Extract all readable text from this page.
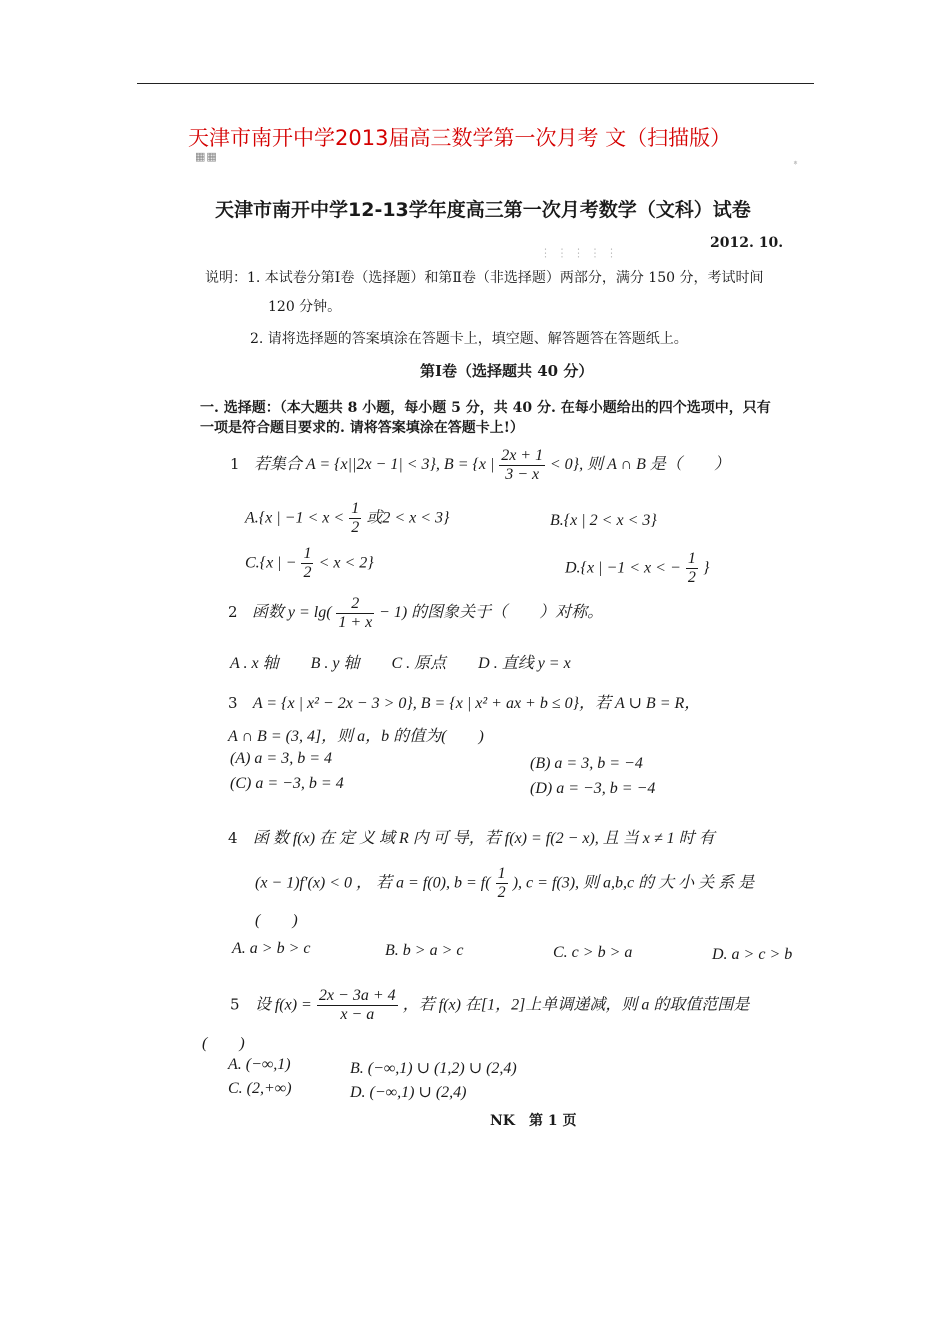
天津市南开中学2013届高三数学第一次月考 文（扫描版）
▦▦
﹡
︙ ︙ ︙ ︙ ︙
天津市南开中学12-13学年度高三第一次月考数学（文科）试卷
2012. 10.
说明：1. 本试卷分第Ⅰ卷（选择题）和第Ⅱ卷（非选择题）两部分，满分 150 分，考试时间
120 分钟。
2. 请将选择题的答案填涂在答题卡上，填空题、解答题答在答题纸上。
第Ⅰ卷（选择题共 40 分）
一. 选择题：（本大题共 8 小题，每小题 5 分，共 40 分. 在每小题给出的四个选项中，只有
一项是符合题目要求的. 请将答案填涂在答题卡上!）
1 若集合 A = {x||2x − 1| < 3}, B = {x | $\frac{2x + 1}{3 - x} < 0$}, 则 A ∩ B 是（　　）
A.{x | $-1 < x < \frac{1}{2}$ 或2 < x < 3}	B.{x | 2 < x < 3}
C.{x | − $\frac{1}{2} < x < 2$}	D.{x | −1 < x < − $\frac{1}{2}$ }
2 函数 $y = \lg( \frac{2}{1 + x} - 1)$ 的图象关于（　　）对称。
A . x 轴　　B . y 轴　　C . 原点　　D . 直线 y = x
3 A = {x | x² − 2x − 3 > 0}, B = {x | x² + ax + b ≤ 0}，若 A ∪ B = R，
A ∩ B = (3, 4]，则 a，b 的值为(　　)
(A) a = 3, b = 4	(B) a = 3, b = −4
(C) a = −3, b = 4	(D) a = −3, b = −4
4 函 数 f(x) 在 定 义 域 R 内 可 导，若 f(x) = f(2 − x), 且 当 x ≠ 1 时 有
(x − 1)f′(x) < 0 ， 若 a = f(0), $b = f( \frac{1}{2}$ ), c = f(3), 则 a,b,c 的 大 小 关 系 是
(　　)
A. a > b > c	B. b > a > c	C. c > b > a	D. a > c > b
5 设 $f(x) = \frac{2x - 3a + 4}{x - a}$ ，若 f(x) 在[1，2]上单调递减，则 a 的取值范围是
(　　)
A. (−∞,1)	B. (−∞,1) ∪ (1,2) ∪ (2,4)
C. (2,+∞)	D. (−∞,1) ∪ (2,4)
NK　第 1 页
